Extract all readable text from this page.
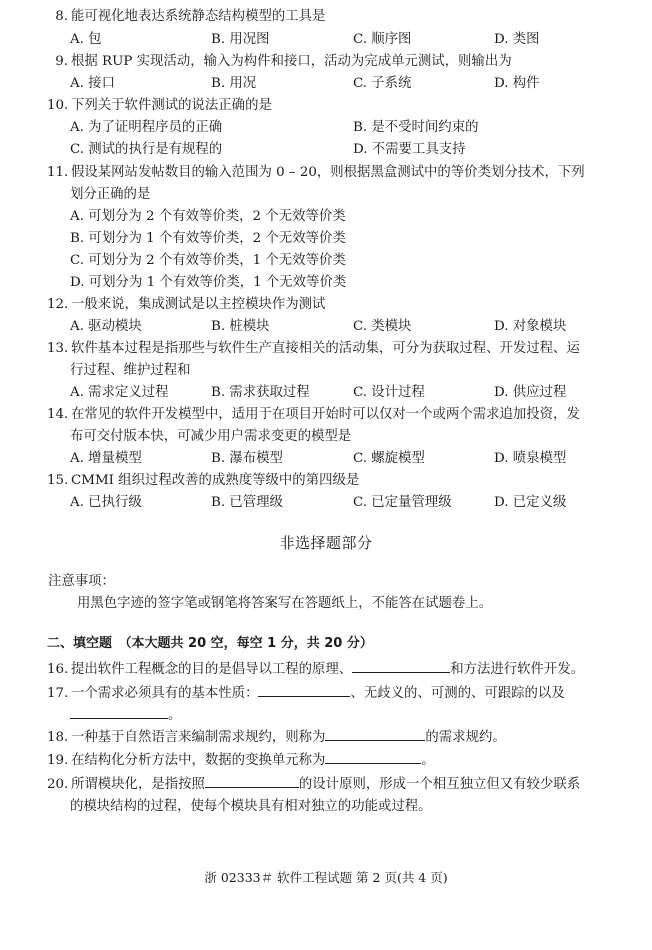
8. 能可视化地表达系统静态结构模型的工具是
A. 包	B. 用况图	C. 顺序图	D. 类图
9. 根据 RUP 实现活动，输入为构件和接口，活动为完成单元测试，则输出为
A. 接口	B. 用况	C. 子系统	D. 构件
10. 下列关于软件测试的说法正确的是
A. 为了证明程序员的正确	B. 是不受时间约束的
C. 测试的执行是有规程的	D. 不需要工具支持
11. 假设某网站发帖数目的输入范围为 0 – 20，则根据黑盒测试中的等价类划分技术，下列
划分正确的是
A. 可划分为 2 个有效等价类，2 个无效等价类
B. 可划分为 1 个有效等价类，2 个无效等价类
C. 可划分为 2 个有效等价类，1 个无效等价类
D. 可划分为 1 个有效等价类，1 个无效等价类
12. 一般来说，集成测试是以主控模块作为测试
A. 驱动模块	B. 桩模块	C. 类模块	D. 对象模块
13. 软件基本过程是指那些与软件生产直接相关的活动集，可分为获取过程、开发过程、运
行过程、维护过程和
A. 需求定义过程	B. 需求获取过程	C. 设计过程	D. 供应过程
14. 在常见的软件开发模型中，适用于在项目开始时可以仅对一个或两个需求追加投资，发
布可交付版本快，可减少用户需求变更的模型是
A. 增量模型	B. 瀑布模型	C. 螺旋模型	D. 喷泉模型
15. CMMI 组织过程改善的成熟度等级中的第四级是
A. 已执行级	B. 已管理级	C. 已定量管理级	D. 已定义级
非选择题部分
注意事项：
用黑色字迹的签字笔或钢笔将答案写在答题纸上，不能答在试题卷上。
二、填空题　（本大题共 20 空，每空 1 分，共 20 分）
16. 提出软件工程概念的目的是倡导以工程的原理、	和方法进行软件开发。
17. 一个需求必须具有的基本性质：	、无歧义的、可测的、可跟踪的以及
。
18. 一种基于自然语言来编制需求规约，则称为	的需求规约。
19. 在结构化分析方法中，数据的变换单元称为	。
20. 所谓模块化，是指按照	的设计原则，形成一个相互独立但又有较少联系
的模块结构的过程，使每个模块具有相对独立的功能或过程。
浙 02333＃ 软件工程试题 第 2 页(共 4 页)
